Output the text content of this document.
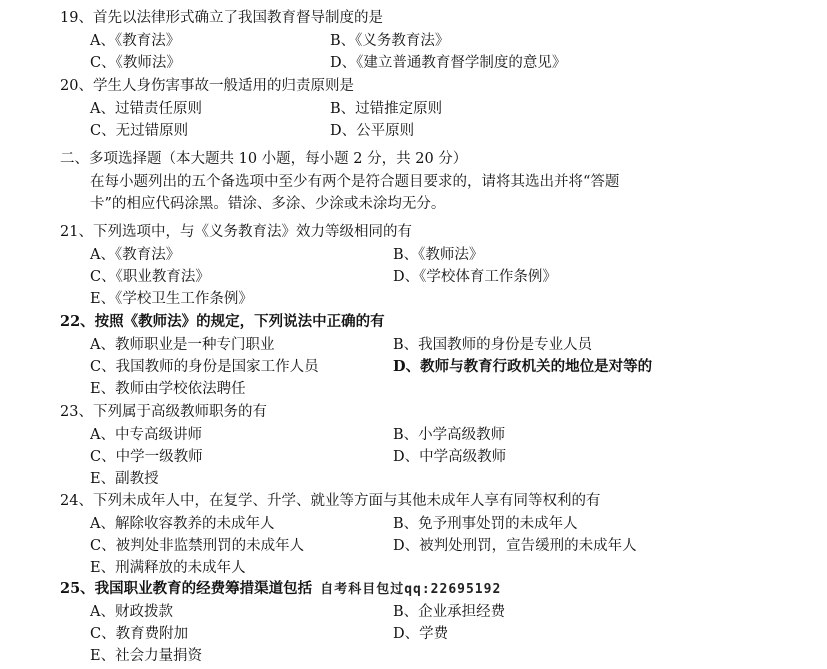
19、首先以法律形式确立了我国教育督导制度的是
A、《教育法》	B、《义务教育法》
C、《教师法》	D、《建立普通教育督学制度的意见》
20、学生人身伤害事故一般适用的归责原则是
A、过错责任原则	B、过错推定原则
C、无过错原则	D、公平原则
二、多项选择题（本大题共 10 小题，每小题 2 分，共 20 分）
在每小题列出的五个备选项中至少有两个是符合题目要求的，请将其选出并将“答题
卡”的相应代码涂黑。错涂、多涂、少涂或未涂均无分。
21、下列选项中，与《义务教育法》效力等级相同的有
A、《教育法》	B、《教师法》
C、《职业教育法》	D、《学校体育工作条例》
E、《学校卫生工作条例》
22、按照《教师法》的规定，下列说法中正确的有
A、教师职业是一种专门职业	B、我国教师的身份是专业人员
C、我国教师的身份是国家工作人员	D、教师与教育行政机关的地位是对等的
E、教师由学校依法聘任
23、下列属于高级教师职务的有
A、中专高级讲师	B、小学高级教师
C、中学一级教师	D、中学高级教师
E、副教授
24、下列未成年人中，在复学、升学、就业等方面与其他未成年人享有同等权利的有
A、解除收容教养的未成年人	B、免予刑事处罚的未成年人
C、被判处非监禁刑罚的未成年人	D、被判处刑罚，宣告缓刑的未成年人
E、刑满释放的未成年人
25、我国职业教育的经费筹措渠道包括 自考科目包过qq:22695192
A、财政拨款	B、企业承担经费
C、教育费附加	D、学费
E、社会力量捐资
